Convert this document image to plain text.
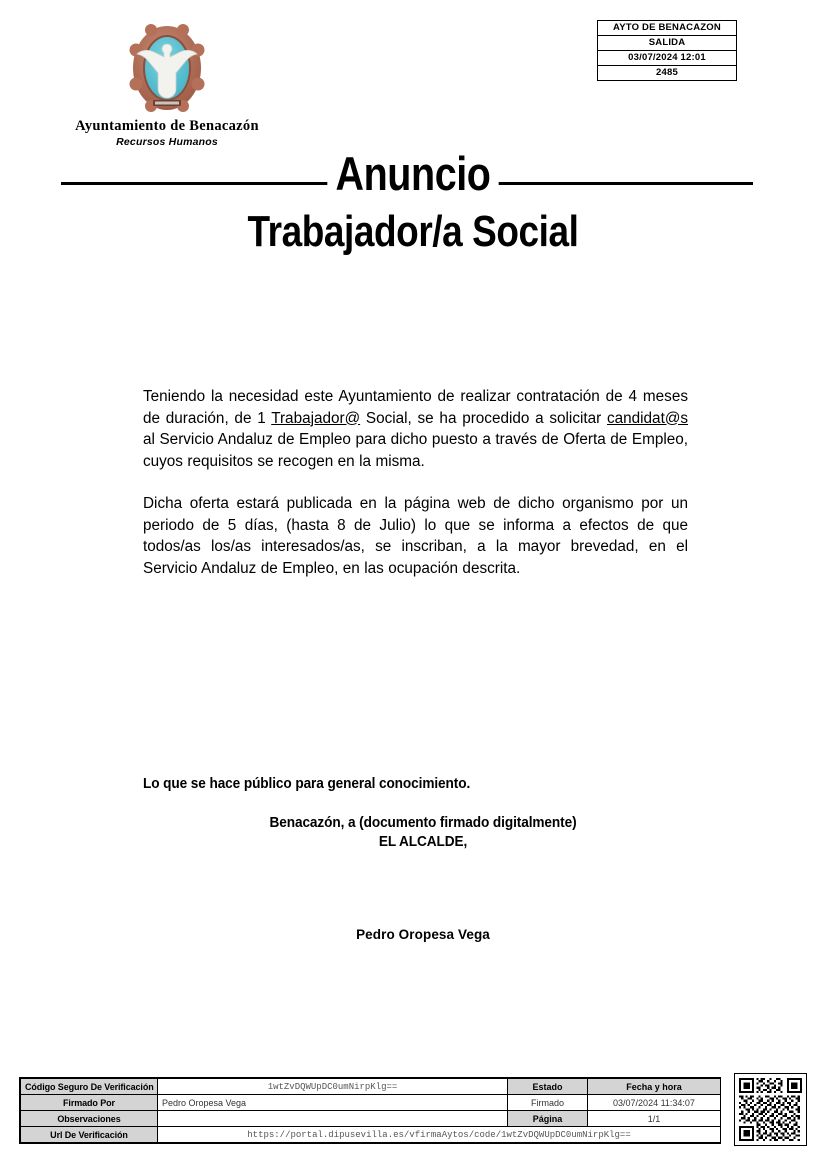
AYTO DE BENACAZON
SALIDA
03/07/2024 12:01
2485
Ayuntamiento de Benacazón
Recursos Humanos
Anuncio
Trabajador/a Social

Teniendo la necesidad este Ayuntamiento de realizar contratación de 4 meses de duración, de 1 Trabajador@ Social, se ha procedido a solicitar candidat@s al Servicio Andaluz de Empleo para dicho puesto a través de Oferta de Empleo, cuyos requisitos se recogen en la misma.

Dicha oferta estará publicada en la página web de dicho organismo por un periodo de 5 días, (hasta 8 de Julio) lo que se informa a efectos de que todos/as los/as interesados/as, se inscriban, a la mayor brevedad, en el Servicio Andaluz de Empleo, en las ocupación descrita.

Lo que se hace público para general conocimiento.
Benacazón, a (documento firmado digitalmente)
EL ALCALDE,
Pedro Oropesa Vega
Código Seguro De Verificación	1wtZvDQWUpDC0umNirpKlg==	Estado	Fecha y hora
Firmado Por	Pedro Oropesa Vega	Firmado	03/07/2024 11:34:07
Observaciones		Página	1/1
Url De Verificación	https://portal.dipusevilla.es/vfirmaAytos/code/1wtZvDQWUpDC0umNirpKlg==		
